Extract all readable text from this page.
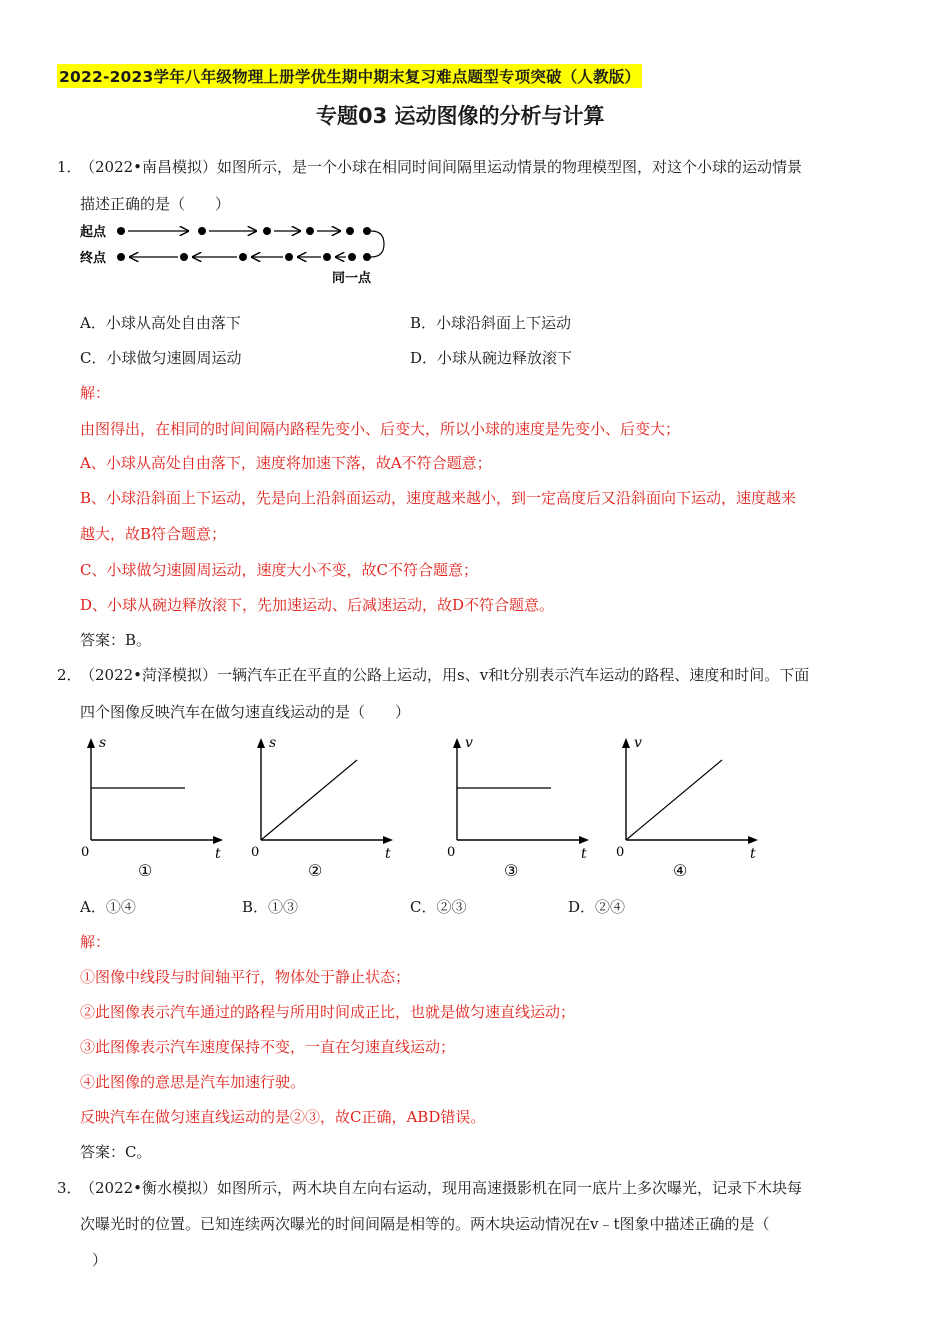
2022-2023学年八年级物理上册学优生期中期末复习难点题型专项突破（人教版）
专题03 运动图像的分析与计算
1．
（2022•南昌模拟）如图所示，是一个小球在相同时间间隔里运动情景的物理模型图，对这个小球的运动情景
描述正确的是（　　）
起点
终点
同一点
A．小球从高处自由落下	B．小球沿斜面上下运动
C．小球做匀速圆周运动	D．小球从碗边释放滚下
解：
由图得出，在相同的时间间隔内路程先变小、后变大，所以小球的速度是先变小、后变大；
A、小球从高处自由落下，速度将加速下落，故A不符合题意；
B、小球沿斜面上下运动，先是向上沿斜面运动，速度越来越小，到一定高度后又沿斜面向下运动，速度越来
越大，故B符合题意；
C、小球做匀速圆周运动，速度大小不变，故C不符合题意；
D、小球从碗边释放滚下，先加速运动、后减速运动，故D不符合题意。
答案：B。
2．
（2022•菏泽模拟）一辆汽车正在平直的公路上运动，用s、v和t分别表示汽车运动的路程、速度和时间。下面
四个图像反映汽车在做匀速直线运动的是（　　）
s
t
0
①
s
t
0
②
v
t
0
③
v
t
0
④
A．①④	B．①③	C．②③	D．②④
解：
①图像中线段与时间轴平行，物体处于静止状态；
②此图像表示汽车通过的路程与所用时间成正比，也就是做匀速直线运动；
③此图像表示汽车速度保持不变，一直在匀速直线运动；
④此图像的意思是汽车加速行驶。
反映汽车在做匀速直线运动的是②③，故C正确，ABD错误。
答案：C。
3．
（2022•衡水模拟）如图所示，两木块自左向右运动，现用高速摄影机在同一底片上多次曝光，记录下木块每
次曝光时的位置。已知连续两次曝光的时间间隔是相等的。两木块运动情况在v﹣t图象中描述正确的是（
）
